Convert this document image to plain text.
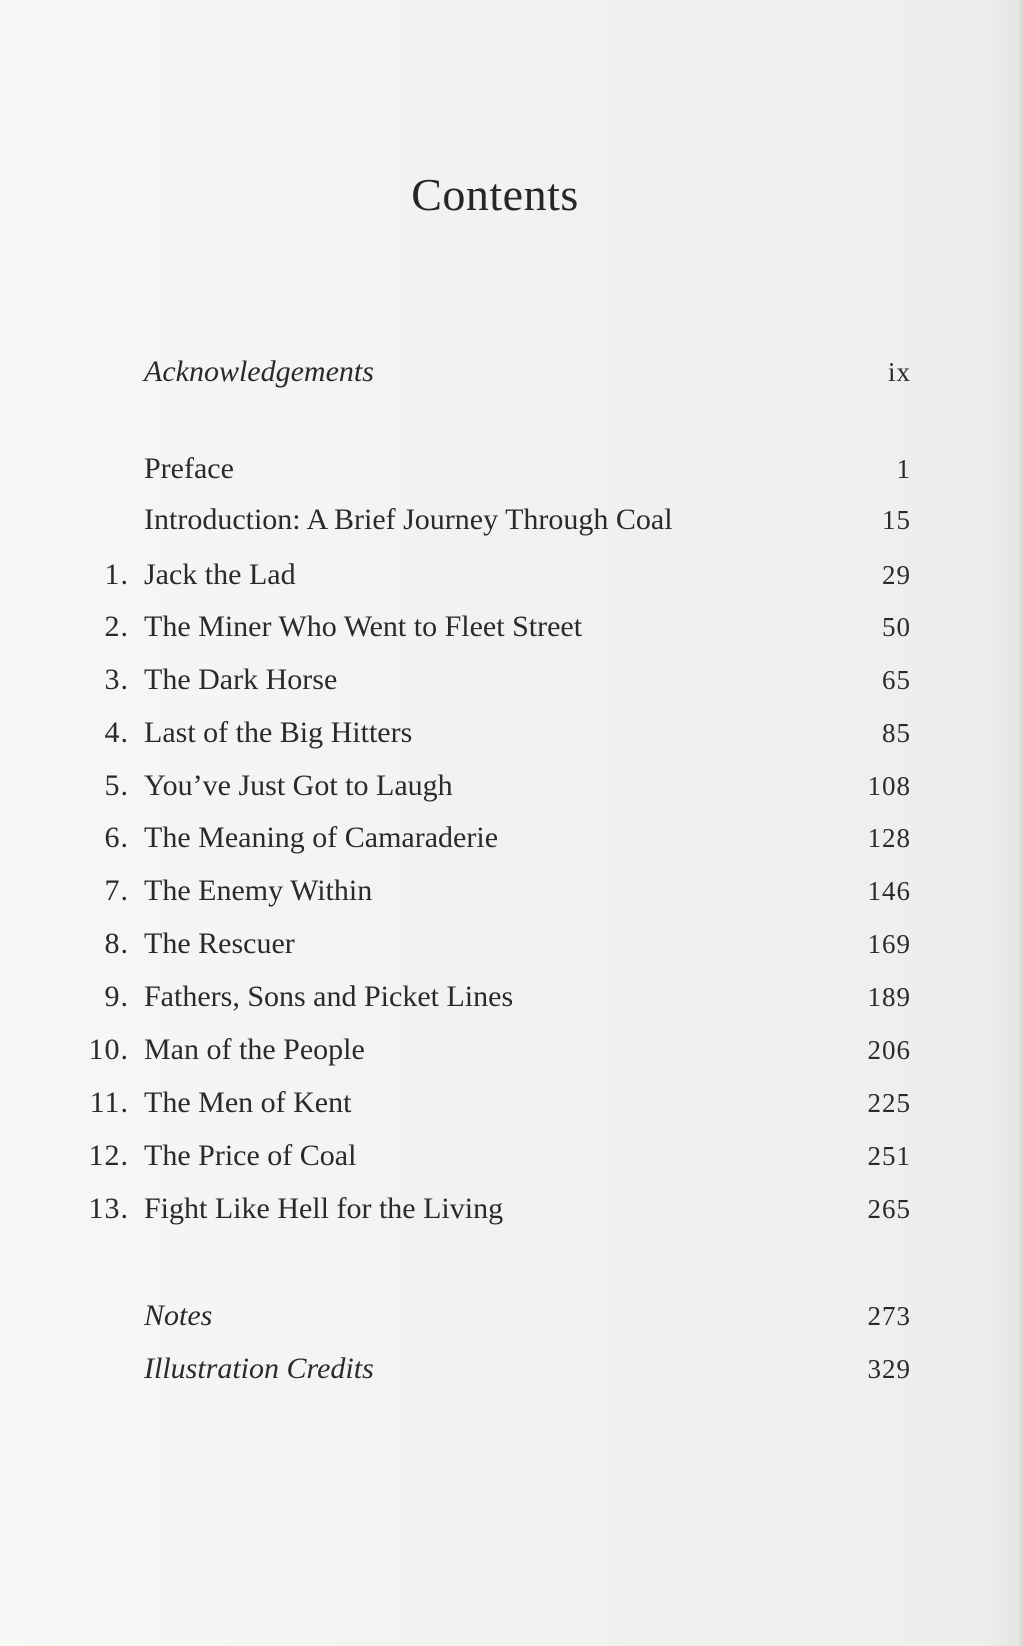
Contents
Acknowledgements	ix
Preface	1
Introduction: A Brief Journey Through Coal	15
1. Jack the Lad	29
2. The Miner Who Went to Fleet Street	50
3. The Dark Horse	65
4. Last of the Big Hitters	85
5. You’ve Just Got to Laugh	108
6. The Meaning of Camaraderie	128
7. The Enemy Within	146
8. The Rescuer	169
9. Fathers, Sons and Picket Lines	189
10. Man of the People	206
11. The Men of Kent	225
12. The Price of Coal	251
13. Fight Like Hell for the Living	265
Notes	273
Illustration Credits	329
